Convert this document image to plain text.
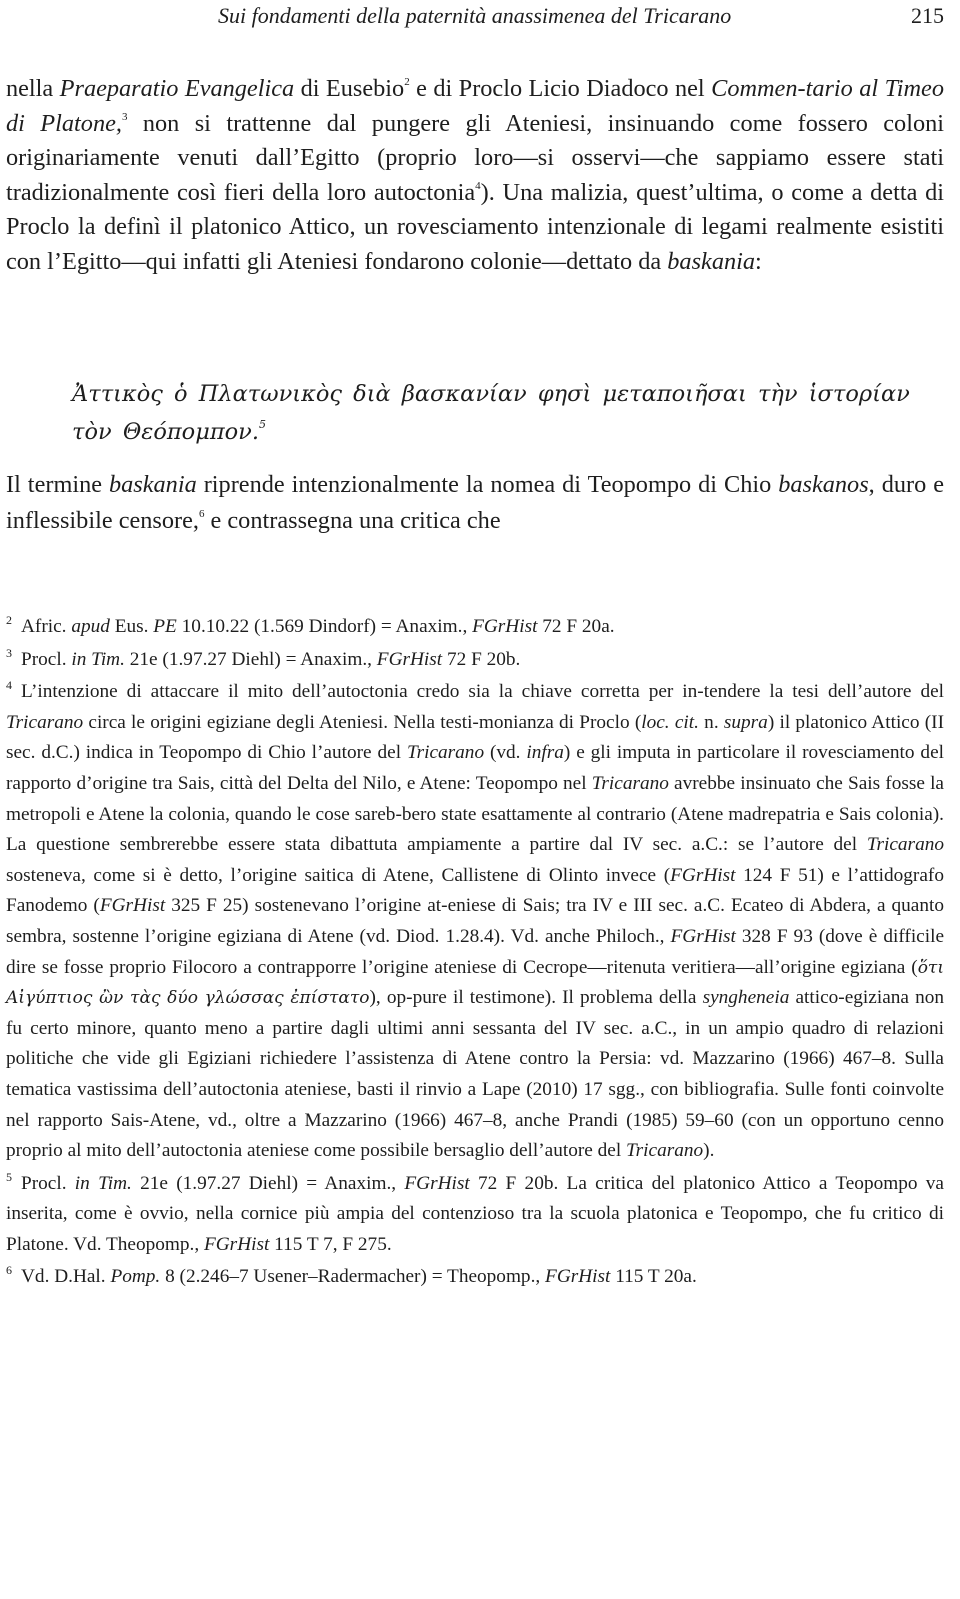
Sui fondamenti della paternità anassimenea del Tricarano	215

nella Praeparatio Evangelica di Eusebio$^2$ e di Proclo Licio Diadoco nel Commen-tario al Timeo di Platone,$^3$ non si trattenne dal pungere gli Ateniesi, insinuando come fossero coloni originariamente venuti dall’Egitto (proprio loro—si osservi—che sappiamo essere stati tradizionalmente così fieri della loro autoctonia$^4$). Una malizia, quest’ultima, o come a detta di Proclo la definì il platonico Attico, un rovesciamento intenzionale di legami realmente esistiti con l’Egitto—qui infatti gli Ateniesi fondarono colonie—dettato da baskania:

Ἀττικὸς ὁ Πλατωνικὸς διὰ βασκανίαν φησὶ μεταποιῆσαι τὴν ἱστορίαν
τὸν Θεόπομπον.$^5$

Il termine baskania riprende intenzionalmente la nomea di Teopompo di Chio baskanos, duro e inflessibile censore,$^6$ e contrassegna una critica che

$^2$ Afric. apud Eus. PE 10.10.22 (1.569 Dindorf) = Anaxim., FGrHist 72 F 20a.

$^3$ Procl. in Tim. 21e (1.97.27 Diehl) = Anaxim., FGrHist 72 F 20b.

$^4$ L’intenzione di attaccare il mito dell’autoctonia credo sia la chiave corretta per in-tendere la tesi dell’autore del Tricarano circa le origini egiziane degli Ateniesi. Nella testi-monianza di Proclo (loc. cit. n. supra) il platonico Attico (II sec. d.C.) indica in Teopompo di Chio l’autore del Tricarano (vd. infra) e gli imputa in particolare il rovesciamento del rapporto d’origine tra Sais, città del Delta del Nilo, e Atene: Teopompo nel Tricarano avrebbe insinuato che Sais fosse la metropoli e Atene la colonia, quando le cose sareb-bero state esattamente al contrario (Atene madrepatria e Sais colonia). La questione sembrerebbe essere stata dibattuta ampiamente a partire dal IV sec. a.C.: se l’autore del Tricarano sosteneva, come si è detto, l’origine saitica di Atene, Callistene di Olinto invece (FGrHist 124 F 51) e l’attidografo Fanodemo (FGrHist 325 F 25) sostenevano l’origine at-eniese di Sais; tra IV e III sec. a.C. Ecateo di Abdera, a quanto sembra, sostenne l’origine egiziana di Atene (vd. Diod. 1.28.4). Vd. anche Philoch., FGrHist 328 F 93 (dove è difficile dire se fosse proprio Filocoro a contrapporre l’origine ateniese di Cecrope—ritenuta veritiera—all’origine egiziana (ὅτι Αἰγύπτιος ὢν τὰς δύο γλώσσας ἐπίστατο), op-pure il testimone). Il problema della syngheneia attico-egiziana non fu certo minore, quanto meno a partire dagli ultimi anni sessanta del IV sec. a.C., in un ampio quadro di relazioni politiche che vide gli Egiziani richiedere l’assistenza di Atene contro la Persia: vd. Mazzarino (1966) 467–8. Sulla tematica vastissima dell’autoctonia ateniese, basti il rinvio a Lape (2010) 17 sgg., con bibliografia. Sulle fonti coinvolte nel rapporto Sais-Atene, vd., oltre a Mazzarino (1966) 467–8, anche Prandi (1985) 59–60 (con un opportuno cenno proprio al mito dell’autoctonia ateniese come possibile bersaglio dell’autore del Tricarano).

$^5$ Procl. in Tim. 21e (1.97.27 Diehl) = Anaxim., FGrHist 72 F 20b. La critica del platonico Attico a Teopompo va inserita, come è ovvio, nella cornice più ampia del contenzioso tra la scuola platonica e Teopompo, che fu critico di Platone. Vd. Theopomp., FGrHist 115 T 7, F 275.

$^6$ Vd. D.Hal. Pomp. 8 (2.246–7 Usener–Radermacher) = Theopomp., FGrHist 115 T 20a.
